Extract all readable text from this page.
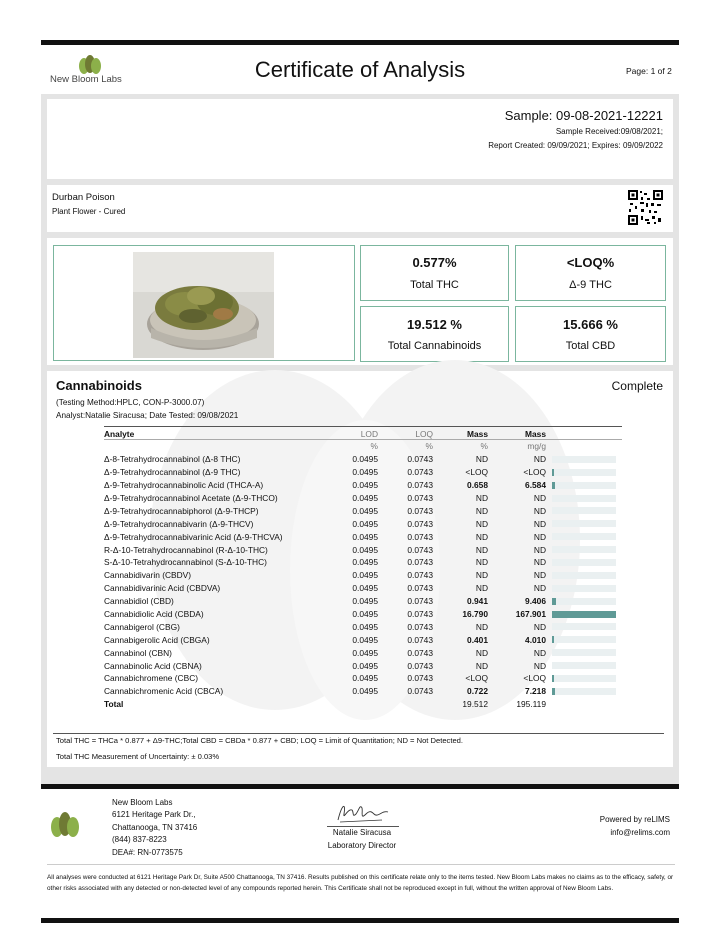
New Bloom Labs	Certificate of Analysis	Page: 1 of 2
Sample: 09-08-2021-12221
Sample Received:09/08/2021;
Report Created: 09/09/2021; Expires: 09/09/2022
Durban Poison
Plant Flower - Cured
0.577%
Total THC
<LOQ%
Δ-9 THC
19.512 %
Total Cannabinoids
15.666 %
Total CBD
Cannabinoids	Complete
(Testing Method:HPLC, CON-P-3000.07)
Analyst:Natalie Siracusa; Date Tested: 09/08/2021
Analyte	LOD	LOQ	Mass	Mass	
	%	%	%	mg/g	
Δ-8-Tetrahydrocannabinol (Δ-8 THC)	0.0495	0.0743	ND	ND	

Δ-9-Tetrahydrocannabinol (Δ-9 THC)	0.0495	0.0743	<LOQ	<LOQ	

Δ-9-Tetrahydrocannabinolic Acid (THCA-A)	0.0495	0.0743	0.658	6.584	

Δ-9-Tetrahydrocannabinol Acetate (Δ-9-THCO)	0.0495	0.0743	ND	ND	

Δ-9-Tetrahydrocannabiphorol (Δ-9-THCP)	0.0495	0.0743	ND	ND	

Δ-9-Tetrahydrocannabivarin (Δ-9-THCV)	0.0495	0.0743	ND	ND	

Δ-9-Tetrahydrocannabivarinic Acid (Δ-9-THCVA)	0.0495	0.0743	ND	ND	

R-Δ-10-Tetrahydrocannabinol (R-Δ-10-THC)	0.0495	0.0743	ND	ND	

S-Δ-10-Tetrahydrocannabinol (S-Δ-10-THC)	0.0495	0.0743	ND	ND	

Cannabidivarin (CBDV)	0.0495	0.0743	ND	ND	

Cannabidivarinic Acid (CBDVA)	0.0495	0.0743	ND	ND	

Cannabidiol (CBD)	0.0495	0.0743	0.941	9.406	

Cannabidiolic Acid (CBDA)	0.0495	0.0743	16.790	167.901	

Cannabigerol (CBG)	0.0495	0.0743	ND	ND	

Cannabigerolic Acid (CBGA)	0.0495	0.0743	0.401	4.010	

Cannabinol (CBN)	0.0495	0.0743	ND	ND	

Cannabinolic Acid (CBNA)	0.0495	0.0743	ND	ND	

Cannabichromene (CBC)	0.0495	0.0743	<LOQ	<LOQ	

Cannabichromenic Acid (CBCA)	0.0495	0.0743	0.722	7.218	

Total			19.512	195.119	
Total THC = THCa * 0.877 + Δ9-THC;Total CBD = CBDa * 0.877 + CBD; LOQ = Limit of Quantitation; ND = Not Detected.
Total THC Measurement of Uncertainty: ± 0.03%
New Bloom Labs
6121 Heritage Park Dr.,
Chattanooga, TN 37416
(844) 837-8223
DEA#: RN-0773575
Natalie Siracusa
Laboratory Director
Powered by reLIMS
info@relims.com
All analyses were conducted at 6121 Heritage Park Dr, Suite A500 Chattanooga, TN 37416. Results published on this certificate relate only to the items tested. New Bloom Labs makes no claims as to the efficacy, safety, or other risks associated with any detected or non-detected level of any compounds reported herein. This Certificate shall not be reproduced except in full, without the written approval of New Bloom Labs.
